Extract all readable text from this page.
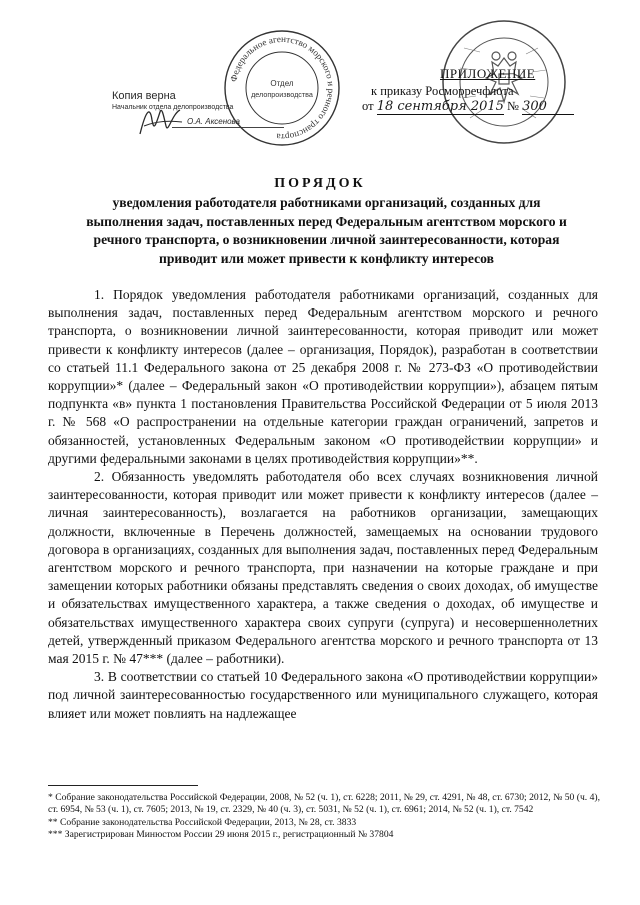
Копия верна
Начальник отдела делопроизводства
О.А. Аксенова
Федеральное агентство морского и речного транспорта
Отдел
делопроизводства
ПРИЛОЖЕНИЕ
к приказу Росморречфлота
от 18 сентября 2015 № 300
ПОРЯДОК
уведомления работодателя работниками организаций, созданных для выполнения задач, поставленных перед Федеральным агентством морского и речного транспорта, о возникновении личной заинтересованности, которая приводит или может привести к конфликту интересов

1. Порядок уведомления работодателя работниками организаций, созданных для выполнения задач, поставленных перед Федеральным агентством морского и речного транспорта, о возникновении личной заинтересованности, которая приводит или может привести к конфликту интересов (далее – организация, Порядок), разработан в соответствии со статьей 11.1 Федерального закона от 25 декабря 2008 г. № 273-ФЗ «О противодействии коррупции»* (далее – Федеральный закон «О противодействии коррупции»), абзацем пятым подпункта «в» пункта 1 постановления Правительства Российской Федерации от 5 июля 2013 г. № 568 «О распространении на отдельные категории граждан ограничений, запретов и обязанностей, установленных Федеральным законом «О противодействии коррупции» и другими федеральными законами в целях противодействия коррупции»**.

2. Обязанность уведомлять работодателя обо всех случаях возникновения личной заинтересованности, которая приводит или может привести к конфликту интересов (далее – личная заинтересованность), возлагается на работников организации, замещающих должности, включенные в Перечень должностей, замещаемых на основании трудового договора в организациях, созданных для выполнения задач, поставленных перед Федеральным агентством морского и речного транспорта, при назначении на которые граждане и при замещении которых работники обязаны представлять сведения о своих доходах, об имуществе и обязательствах имущественного характера, а также сведения о доходах, об имуществе и обязательствах имущественного характера своих супруги (супруга) и несовершеннолетних детей, утвержденный приказом Федерального агентства морского и речного транспорта от 13 мая 2015 г. № 47*** (далее – работники).

3. В соответствии со статьей 10 Федерального закона «О противодействии коррупции» под личной заинтересованностью государственного или муниципального служащего, которая влияет или может повлиять на надлежащее

* Собрание законодательства Российской Федерации, 2008, № 52 (ч. 1), ст. 6228; 2011, № 29, ст. 4291, № 48, ст. 6730; 2012, № 50 (ч. 4), ст. 6954, № 53 (ч. 1), ст. 7605; 2013, № 19, ст. 2329, № 40 (ч. 3), ст. 5031, № 52 (ч. 1), ст. 6961; 2014, № 52 (ч. 1), ст. 7542
** Собрание законодательства Российской Федерации, 2013, № 28, ст. 3833
*** Зарегистрирован Минюстом России 29 июня 2015 г., регистрационный № 37804
